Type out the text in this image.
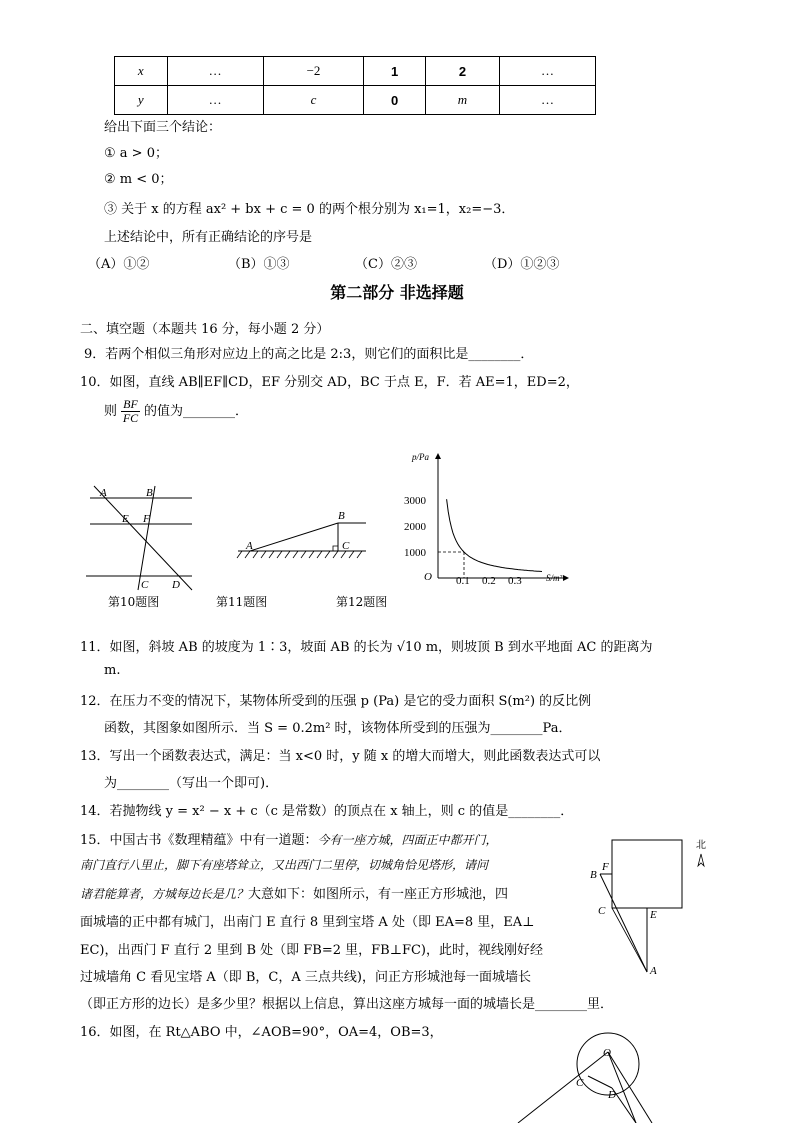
x	…	−2	1	2	…
y	…	c	0	m	…
给出下面三个结论：
① a > 0；
② m < 0；
③ 关于 x 的方程 ax² + bx + c = 0 的两个根分别为 x₁=1，x₂=−3．
上述结论中，所有正确结论的序号是
（A）①②	（B）①③	（C）②③	（D）①②③
第二部分 非选择题
二、填空题（本题共 16 分，每小题 2 分）
9．若两个相似三角形对应边上的高之比是 2:3，则它们的面积比是________．
10．如图，直线 AB∥EF∥CD，EF 分别交 AD，BC 于点 E，F．若 AE=1，ED=2，
则 $\frac{BF}{FC}$ 的值为________．
A	B
E F
C D
第10题图
A
B
C
第11题图
p/Pa
S/m²
O
1000
2000
3000
0.1 0.2 0.3
第12题图
11．如图，斜坡 AB 的坡度为 1∶3，坡面 AB 的长为 √10 m，则坡顶 B 到水平地面 AC 的距离为
m.
12．在压力不变的情况下，某物体所受到的压强 p (Pa) 是它的受力面积 S(m²) 的反比例
函数，其图象如图所示．当 S = 0.2m² 时，该物体所受到的压强为________Pa．
13．写出一个函数表达式，满足：当 x<0 时，y 随 x 的增大而增大，则此函数表达式可以
为________（写出一个即可)．
14．若抛物线 y = x² − x + c（c 是常数）的顶点在 x 轴上，则 c 的值是________．
15．中国古书《数理精蕴》中有一道题：今有一座方城，四面正中都开门，
南门直行八里止，脚下有座塔耸立，又出西门二里停，切城角恰见塔形，请问
诸君能算者，方城每边长是几？大意如下：如图所示，有一座正方形城池，四
面城墙的正中都有城门，出南门 E 直行 8 里到宝塔 A 处（即 EA=8 里，EA⊥
EC)，出西门 F 直行 2 里到 B 处（即 FB=2 里，FB⊥FC)，此时，视线刚好经
过城墙角 C 看见宝塔 A（即 B，C，A 三点共线)，问正方形城池每一面城墙长
（即正方形的边长）是多少里？根据以上信息，算出这座方城每一面的城墙长是________里．
B
F
C	E
A
北
16．如图，在 Rt△ABO 中，∠AOB=90°，OA=4，OB=3，
O
C
D
